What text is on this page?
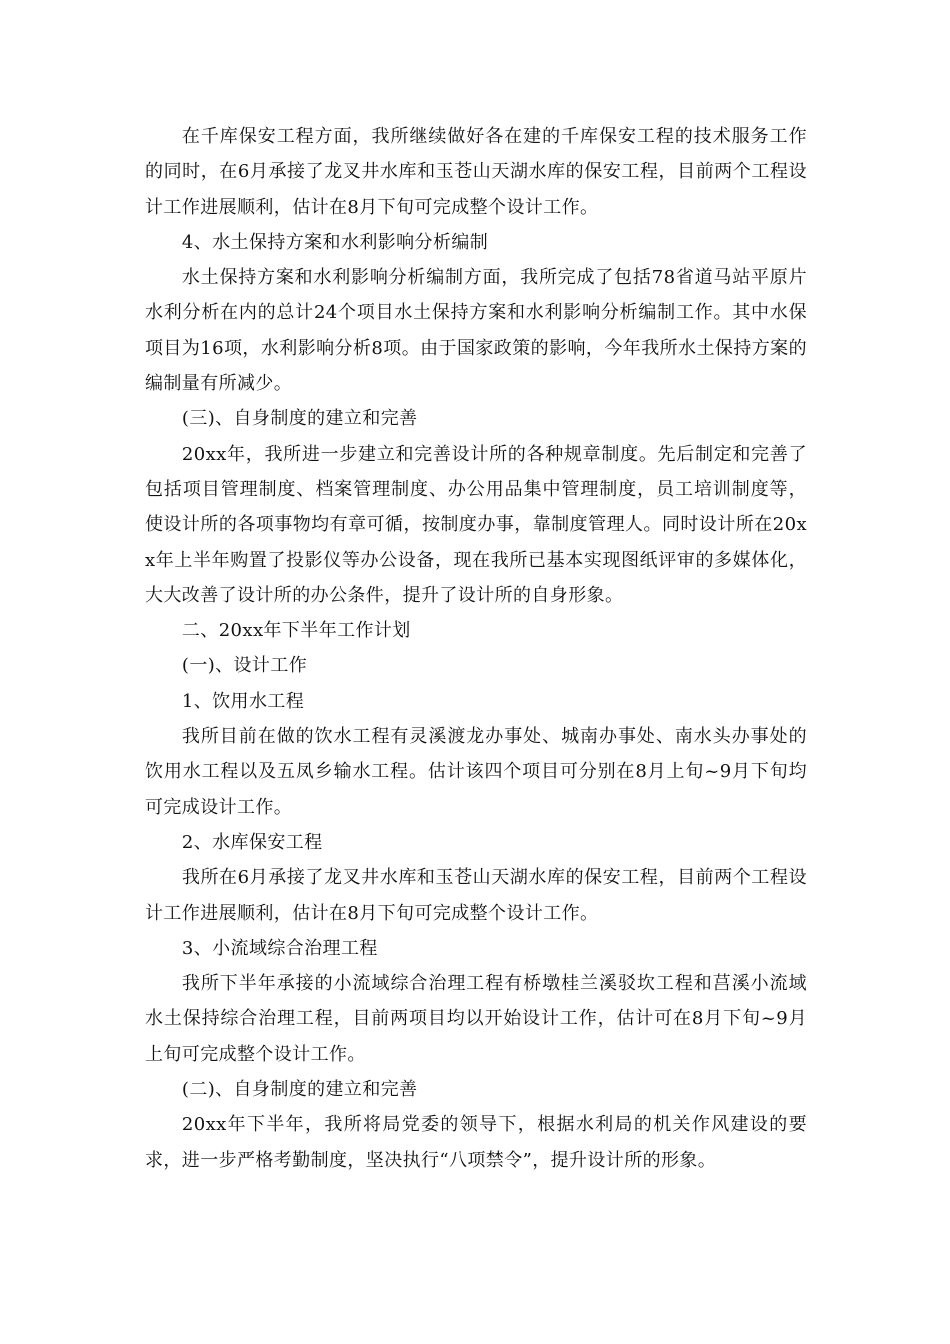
在千库保安工程方面，我所继续做好各在建的千库保安工程的技术服务工作的同时，在6月承接了龙叉井水库和玉苍山天湖水库的保安工程，目前两个工程设计工作进展顺利，估计在8月下旬可完成整个设计工作。

4、水土保持方案和水利影响分析编制

水土保持方案和水利影响分析编制方面，我所完成了包括78省道马站平原片水利分析在内的总计24个项目水土保持方案和水利影响分析编制工作。其中水保项目为16项，水利影响分析8项。由于国家政策的影响，今年我所水土保持方案的编制量有所减少。

(三)、自身制度的建立和完善

20xx年，我所进一步建立和完善设计所的各种规章制度。先后制定和完善了包括项目管理制度、档案管理制度、办公用品集中管理制度，员工培训制度等，使设计所的各项事物均有章可循，按制度办事，靠制度管理人。同时设计所在20xx年上半年购置了投影仪等办公设备，现在我所已基本实现图纸评审的多媒体化，大大改善了设计所的办公条件，提升了设计所的自身形象。

二、20xx年下半年工作计划

(一)、设计工作

1、饮用水工程

我所目前在做的饮水工程有灵溪渡龙办事处、城南办事处、南水头办事处的饮用水工程以及五凤乡输水工程。估计该四个项目可分别在8月上旬~9月下旬均可完成设计工作。

2、水库保安工程

我所在6月承接了龙叉井水库和玉苍山天湖水库的保安工程，目前两个工程设计工作进展顺利，估计在8月下旬可完成整个设计工作。

3、小流域综合治理工程

我所下半年承接的小流域综合治理工程有桥墩桂兰溪驳坎工程和莒溪小流域水土保持综合治理工程，目前两项目均以开始设计工作，估计可在8月下旬~9月上旬可完成整个设计工作。

(二)、自身制度的建立和完善

20xx年下半年，我所将局党委的领导下，根据水利局的机关作风建设的要求，进一步严格考勤制度，坚决执行“八项禁令”，提升设计所的形象。
